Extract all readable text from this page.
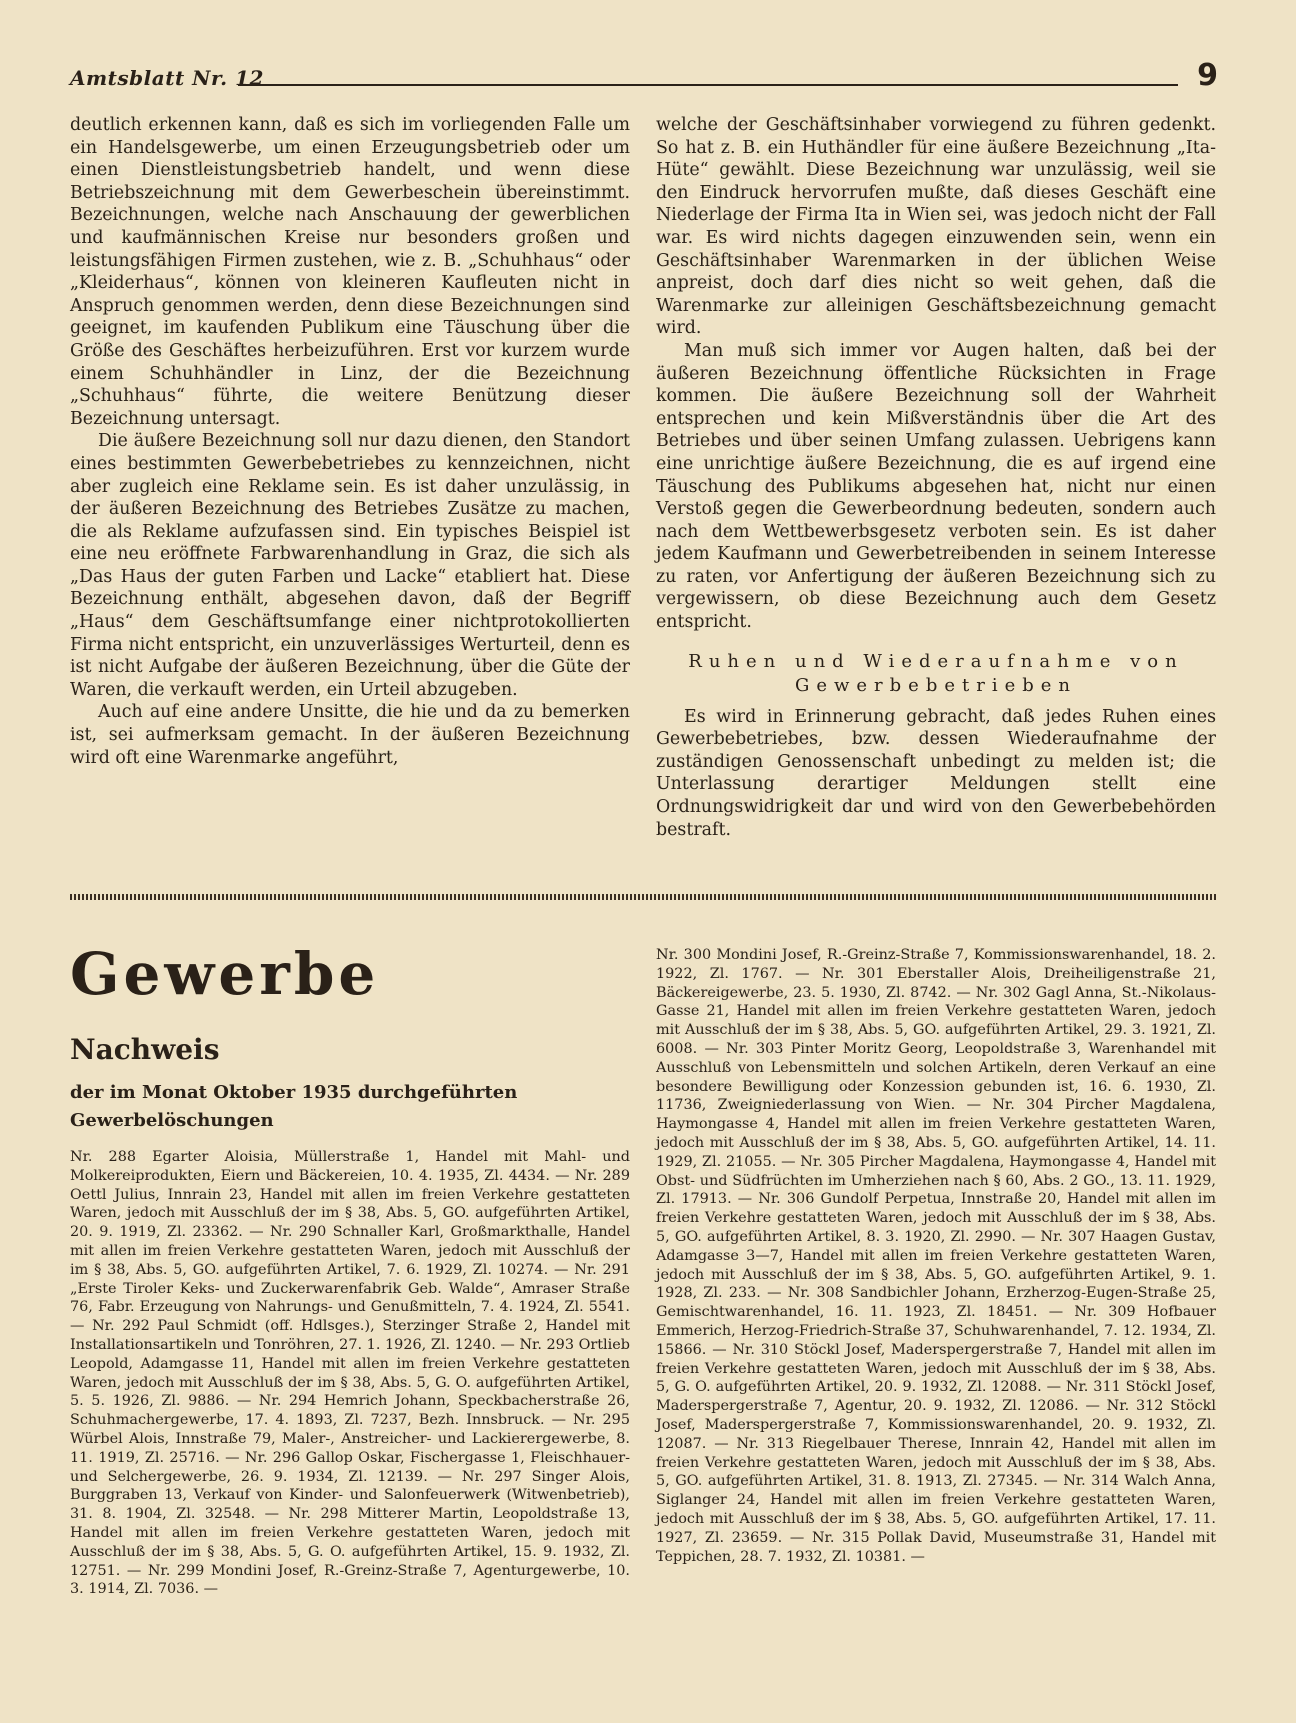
Amtsblatt Nr. 12	9

deutlich erkennen kann, daß es sich im vorliegenden Falle um ein Handelsgewerbe, um einen Erzeugungsbetrieb oder um einen Dienstleistungsbetrieb handelt, und wenn diese Betriebszeichnung mit dem Gewerbeschein übereinstimmt. Bezeichnungen, welche nach Anschauung der gewerblichen und kaufmännischen Kreise nur besonders großen und leistungsfähigen Firmen zustehen, wie z. B. „Schuhhaus“ oder „Kleiderhaus“, können von kleineren Kaufleuten nicht in Anspruch genommen werden, denn diese Bezeichnungen sind geeignet, im kaufenden Publikum eine Täuschung über die Größe des Geschäftes herbeizuführen. Erst vor kurzem wurde einem Schuhhändler in Linz, der die Bezeichnung „Schuhhaus“ führte, die weitere Benützung dieser Bezeichnung untersagt.

Die äußere Bezeichnung soll nur dazu dienen, den Standort eines bestimmten Gewerbebetriebes zu kennzeichnen, nicht aber zugleich eine Reklame sein. Es ist daher unzulässig, in der äußeren Bezeichnung des Betriebes Zusätze zu machen, die als Reklame aufzufassen sind. Ein typisches Beispiel ist eine neu eröffnete Farbwarenhandlung in Graz, die sich als „Das Haus der guten Farben und Lacke“ etabliert hat. Diese Bezeichnung enthält, abgesehen davon, daß der Begriff „Haus“ dem Geschäftsumfange einer nichtprotokollierten Firma nicht entspricht, ein unzuverlässiges Werturteil, denn es ist nicht Aufgabe der äußeren Bezeichnung, über die Güte der Waren, die verkauft werden, ein Urteil abzugeben.

Auch auf eine andere Unsitte, die hie und da zu bemerken ist, sei aufmerksam gemacht. In der äußeren Bezeichnung wird oft eine Warenmarke angeführt,

welche der Geschäftsinhaber vorwiegend zu führen gedenkt. So hat z. B. ein Huthändler für eine äußere Bezeichnung „Ita-Hüte“ gewählt. Diese Bezeichnung war unzulässig, weil sie den Eindruck hervorrufen mußte, daß dieses Geschäft eine Niederlage der Firma Ita in Wien sei, was jedoch nicht der Fall war. Es wird nichts dagegen einzuwenden sein, wenn ein Geschäftsinhaber Warenmarken in der üblichen Weise anpreist, doch darf dies nicht so weit gehen, daß die Warenmarke zur alleinigen Geschäftsbezeichnung gemacht wird.

Man muß sich immer vor Augen halten, daß bei der äußeren Bezeichnung öffentliche Rücksichten in Frage kommen. Die äußere Bezeichnung soll der Wahrheit entsprechen und kein Mißverständnis über die Art des Betriebes und über seinen Umfang zulassen. Uebrigens kann eine unrichtige äußere Bezeichnung, die es auf irgend eine Täuschung des Publikums abgesehen hat, nicht nur einen Verstoß gegen die Gewerbeordnung bedeuten, sondern auch nach dem Wettbewerbsgesetz verboten sein. Es ist daher jedem Kaufmann und Gewerbetreibenden in seinem Interesse zu raten, vor Anfertigung der äußeren Bezeichnung sich zu vergewissern, ob diese Bezeichnung auch dem Gesetz entspricht.

Ruhen und Wiederaufnahme von Gewerbebetrieben

Es wird in Erinnerung gebracht, daß jedes Ruhen eines Gewerbebetriebes, bzw. dessen Wiederaufnahme der zuständigen Genossenschaft unbedingt zu melden ist; die Unterlassung derartiger Meldungen stellt eine Ordnungswidrigkeit dar und wird von den Gewerbebehörden bestraft.

Gewerbe
Nachweis
der im Monat Oktober 1935 durchgeführten
Gewerbelöschungen

Nr. 288 Egarter Aloisia, Müllerstraße 1, Handel mit Mahl- und Molkereiprodukten, Eiern und Bäckereien, 10. 4. 1935, Zl. 4434. — Nr. 289 Oettl Julius, Innrain 23, Handel mit allen im freien Verkehre gestatteten Waren, jedoch mit Ausschluß der im § 38, Abs. 5, GO. aufgeführten Artikel, 20. 9. 1919, Zl. 23362. — Nr. 290 Schnaller Karl, Großmarkthalle, Handel mit allen im freien Verkehre gestatteten Waren, jedoch mit Ausschluß der im § 38, Abs. 5, GO. aufgeführten Artikel, 7. 6. 1929, Zl. 10274. — Nr. 291 „Erste Tiroler Keks- und Zuckerwarenfabrik Geb. Walde“, Amraser Straße 76, Fabr. Erzeugung von Nahrungs- und Genußmitteln, 7. 4. 1924, Zl. 5541. — Nr. 292 Paul Schmidt (off. Hdlsges.), Sterzinger Straße 2, Handel mit Installationsartikeln und Tonröhren, 27. 1. 1926, Zl. 1240. — Nr. 293 Ortlieb Leopold, Adamgasse 11, Handel mit allen im freien Verkehre gestatteten Waren, jedoch mit Ausschluß der im § 38, Abs. 5, G. O. aufgeführten Artikel, 5. 5. 1926, Zl. 9886. — Nr. 294 Hemrich Johann, Speckbacherstraße 26, Schuhmachergewerbe, 17. 4. 1893, Zl. 7237, Bezh. Innsbruck. — Nr. 295 Würbel Alois, Innstraße 79, Maler-, Anstreicher- und Lackierergewerbe, 8. 11. 1919, Zl. 25716. — Nr. 296 Gallop Oskar, Fischergasse 1, Fleischhauer- und Selchergewerbe, 26. 9. 1934, Zl. 12139. — Nr. 297 Singer Alois, Burggraben 13, Verkauf von Kinder- und Salonfeuerwerk (Witwenbetrieb), 31. 8. 1904, Zl. 32548. — Nr. 298 Mitterer Martin, Leopoldstraße 13, Handel mit allen im freien Verkehre gestatteten Waren, jedoch mit Ausschluß der im § 38, Abs. 5, G. O. aufgeführten Artikel, 15. 9. 1932, Zl. 12751. — Nr. 299 Mondini Josef, R.-Greinz-Straße 7, Agenturgewerbe, 10. 3. 1914, Zl. 7036. —

Nr. 300 Mondini Josef, R.-Greinz-Straße 7, Kommissionswarenhandel, 18. 2. 1922, Zl. 1767. — Nr. 301 Eberstaller Alois, Dreiheiligenstraße 21, Bäckereigewerbe, 23. 5. 1930, Zl. 8742. — Nr. 302 Gagl Anna, St.-Nikolaus-Gasse 21, Handel mit allen im freien Verkehre gestatteten Waren, jedoch mit Ausschluß der im § 38, Abs. 5, GO. aufgeführten Artikel, 29. 3. 1921, Zl. 6008. — Nr. 303 Pinter Moritz Georg, Leopoldstraße 3, Warenhandel mit Ausschluß von Lebensmitteln und solchen Artikeln, deren Verkauf an eine besondere Bewilligung oder Konzession gebunden ist, 16. 6. 1930, Zl. 11736, Zweigniederlassung von Wien. — Nr. 304 Pircher Magdalena, Haymongasse 4, Handel mit allen im freien Verkehre gestatteten Waren, jedoch mit Ausschluß der im § 38, Abs. 5, GO. aufgeführten Artikel, 14. 11. 1929, Zl. 21055. — Nr. 305 Pircher Magdalena, Haymongasse 4, Handel mit Obst- und Südfrüchten im Umherziehen nach § 60, Abs. 2 GO., 13. 11. 1929, Zl. 17913. — Nr. 306 Gundolf Perpetua, Innstraße 20, Handel mit allen im freien Verkehre gestatteten Waren, jedoch mit Ausschluß der im § 38, Abs. 5, GO. aufgeführten Artikel, 8. 3. 1920, Zl. 2990. — Nr. 307 Haagen Gustav, Adamgasse 3—7, Handel mit allen im freien Verkehre gestatteten Waren, jedoch mit Ausschluß der im § 38, Abs. 5, GO. aufgeführten Artikel, 9. 1. 1928, Zl. 233. — Nr. 308 Sandbichler Johann, Erzherzog-Eugen-Straße 25, Gemischtwarenhandel, 16. 11. 1923, Zl. 18451. — Nr. 309 Hofbauer Emmerich, Herzog-Friedrich-Straße 37, Schuhwarenhandel, 7. 12. 1934, Zl. 15866. — Nr. 310 Stöckl Josef, Maderspergerstraße 7, Handel mit allen im freien Verkehre gestatteten Waren, jedoch mit Ausschluß der im § 38, Abs. 5, G. O. aufgeführten Artikel, 20. 9. 1932, Zl. 12088. — Nr. 311 Stöckl Josef, Maderspergerstraße 7, Agentur, 20. 9. 1932, Zl. 12086. — Nr. 312 Stöckl Josef, Maderspergerstraße 7, Kommissionswarenhandel, 20. 9. 1932, Zl. 12087. — Nr. 313 Riegelbauer Therese, Innrain 42, Handel mit allen im freien Verkehre gestatteten Waren, jedoch mit Ausschluß der im § 38, Abs. 5, GO. aufgeführten Artikel, 31. 8. 1913, Zl. 27345. — Nr. 314 Walch Anna, Siglanger 24, Handel mit allen im freien Verkehre gestatteten Waren, jedoch mit Ausschluß der im § 38, Abs. 5, GO. aufgeführten Artikel, 17. 11. 1927, Zl. 23659. — Nr. 315 Pollak David, Museumstraße 31, Handel mit Teppichen, 28. 7. 1932, Zl. 10381. —
